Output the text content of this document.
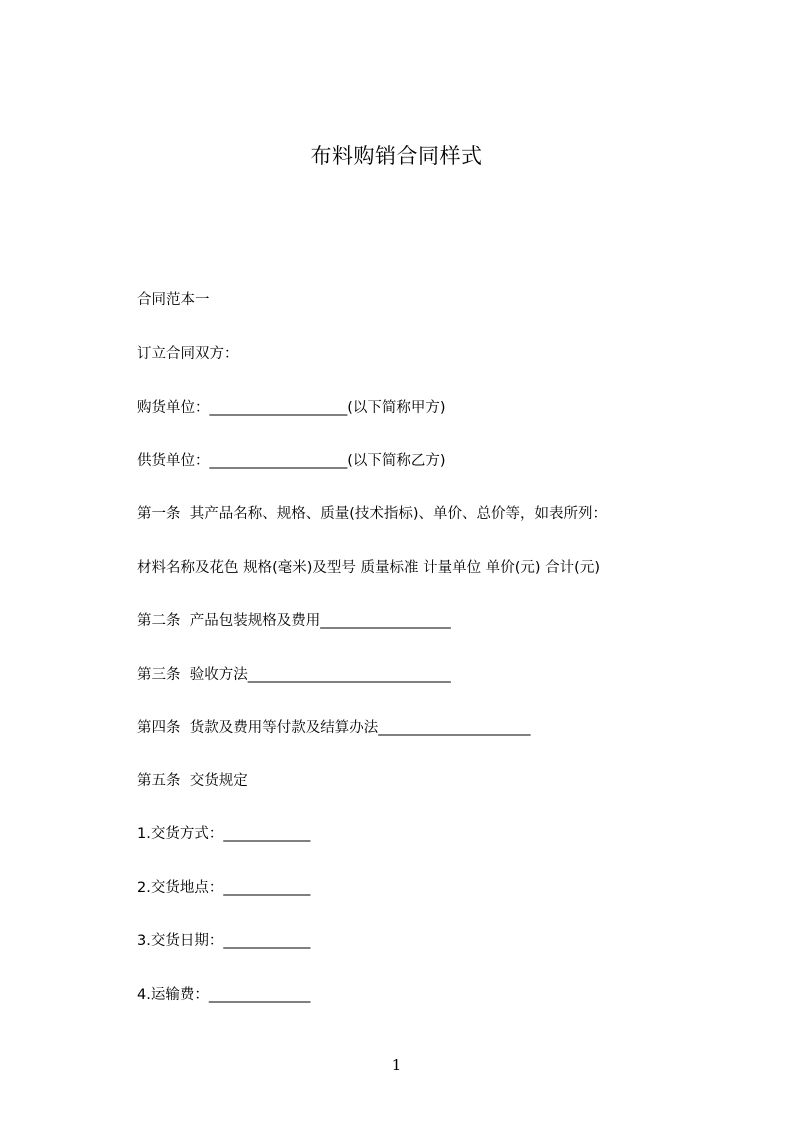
布料购销合同样式
合同范本一
订立合同双方：
购货单位：___________________(以下简称甲方)
供货单位：___________________(以下简称乙方)
第一条  其产品名称、规格、质量(技术指标)、单价、总价等，如表所列：
材料名称及花色 规格(毫米)及型号 质量标准 计量单位 单价(元) 合计(元)
第二条  产品包装规格及费用__________________
第三条  验收方法____________________________
第四条  货款及费用等付款及结算办法_____________________
第五条  交货规定
1.交货方式：____________
2.交货地点：____________
3.交货日期：____________
4.运输费：______________
1
